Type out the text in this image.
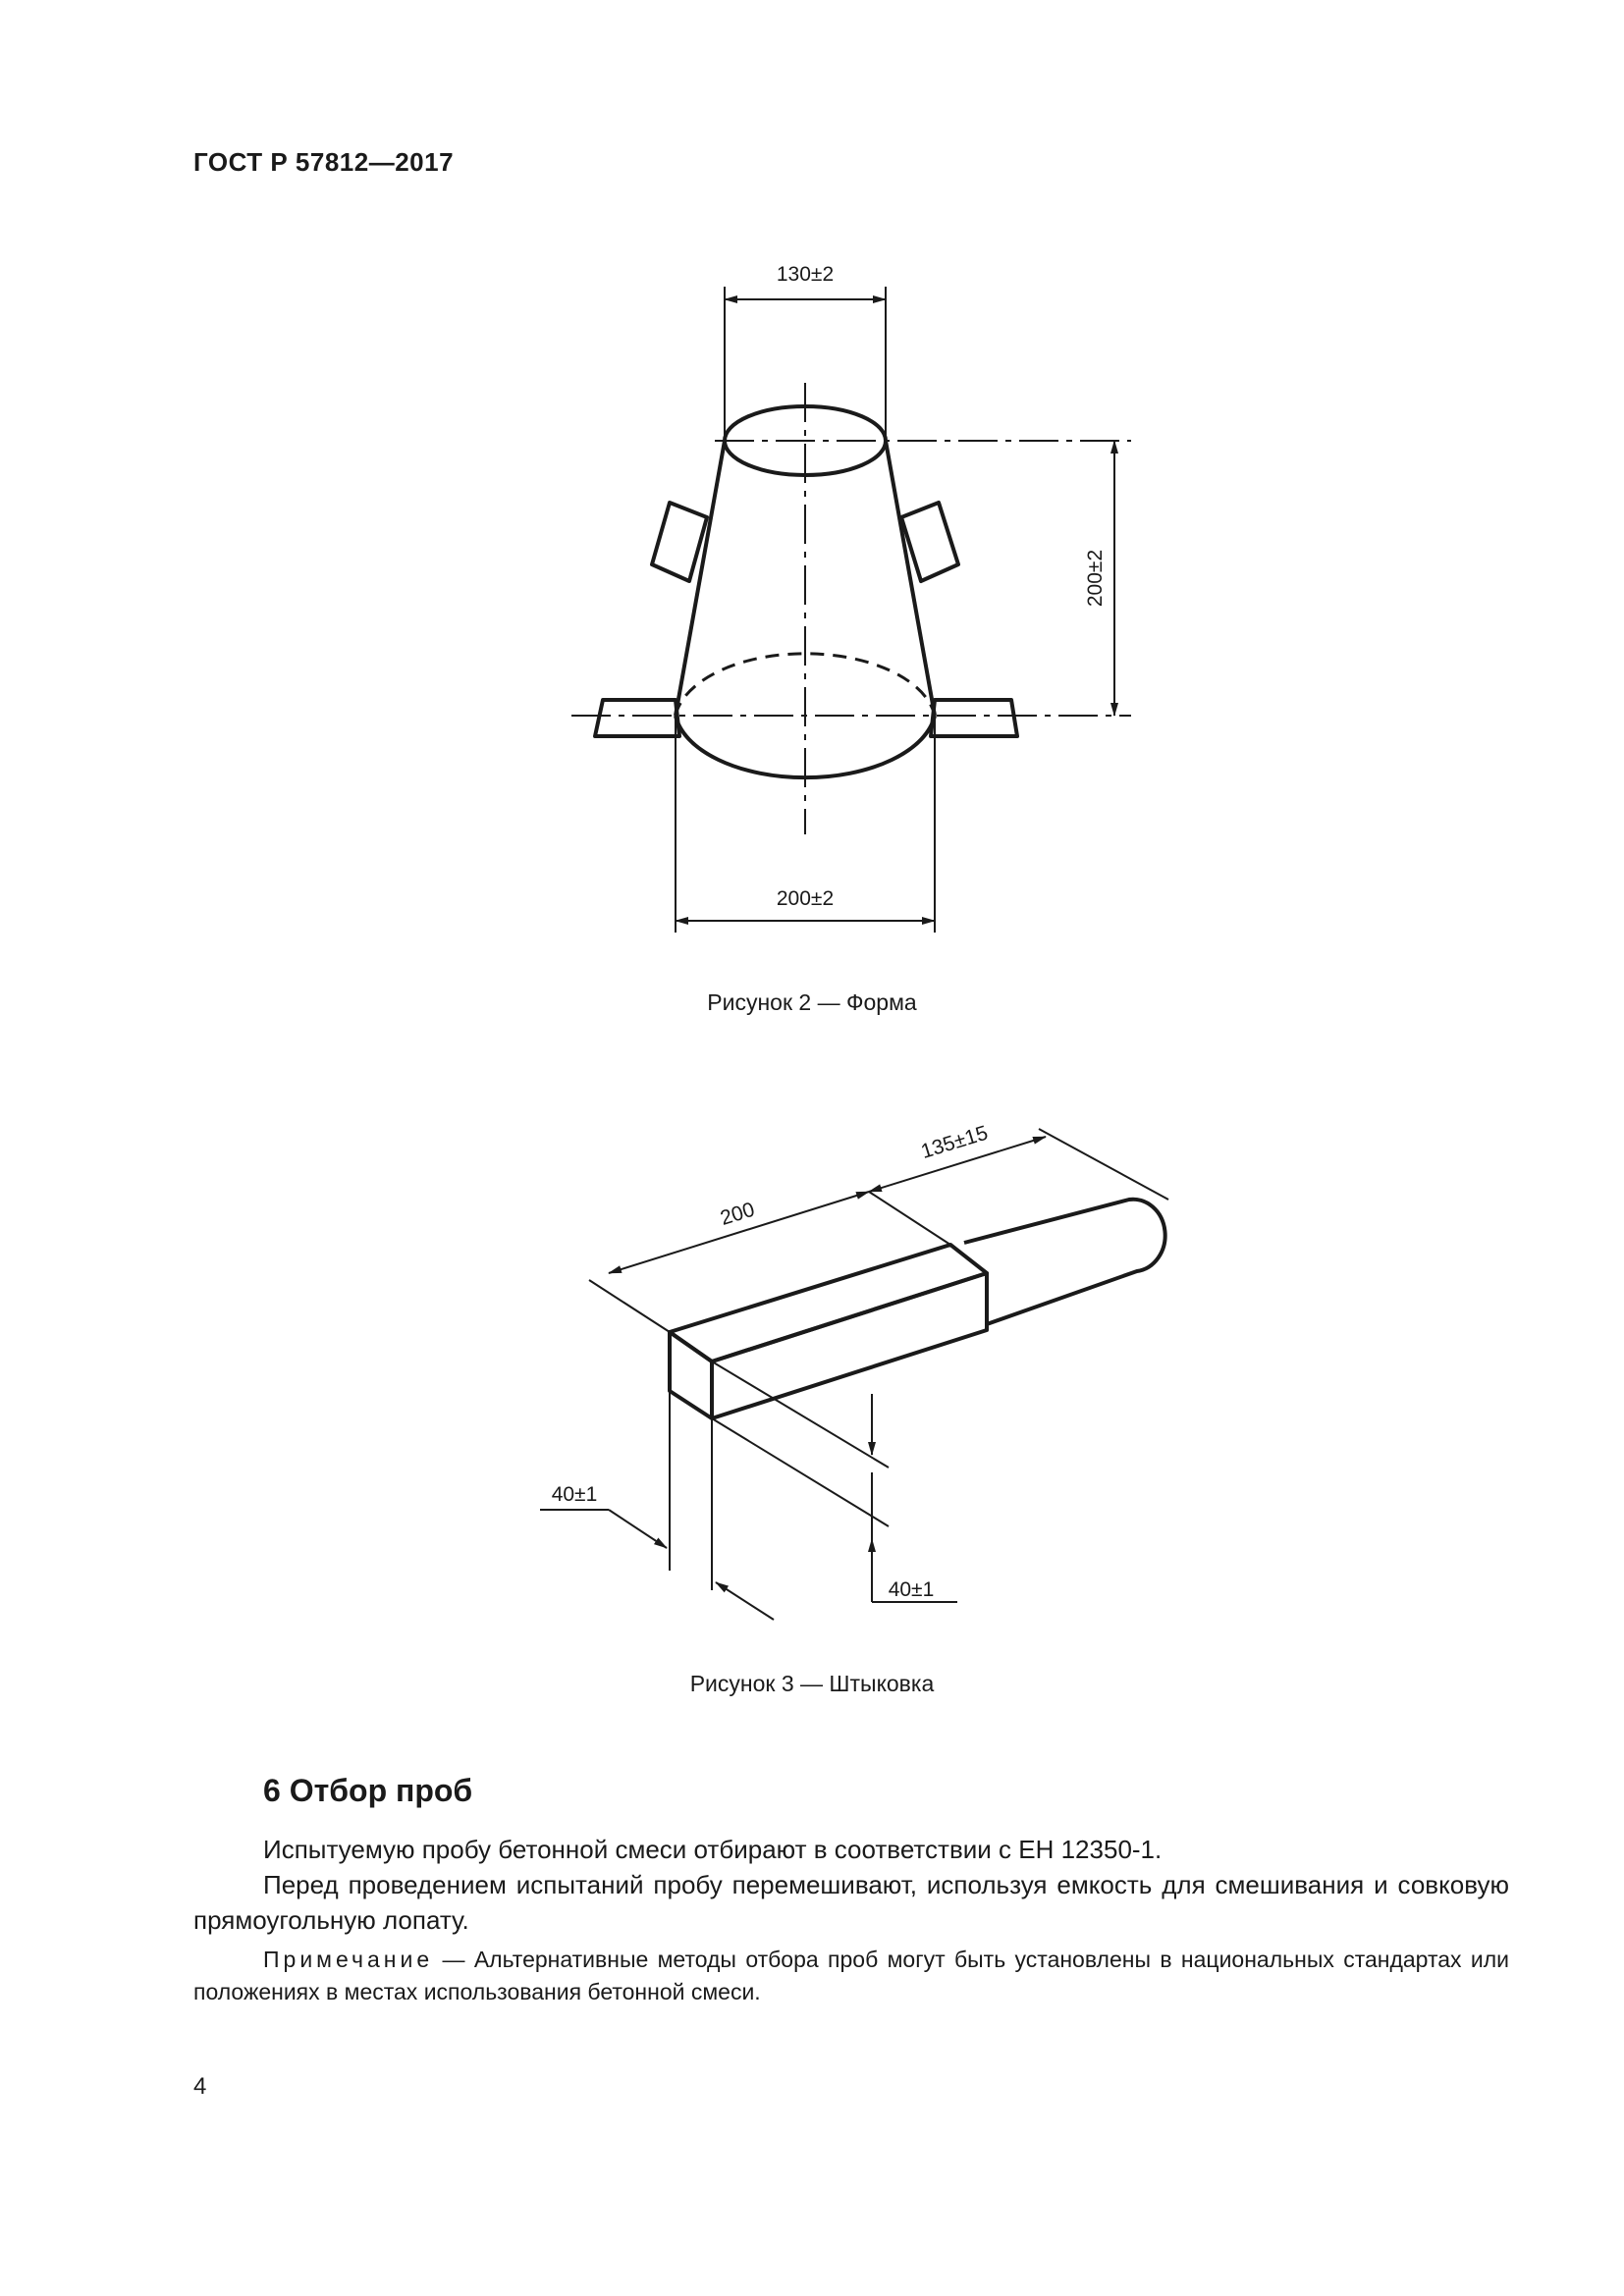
ГОСТ Р 57812—2017
130±2
200±2
200±2
200
135±15
40±1
40±1
Рисунок 2 — Форма
Рисунок 3 — Штыковка
6 Отбор проб

Испытуемую пробу бетонной смеси отбирают в соответствии с ЕН 12350-1.

Перед проведением испытаний пробу перемешивают, используя емкость для смешивания и совковую прямоугольную лопату.

Примечание — Альтернативные методы отбора проб могут быть установлены в национальных стандартах или положениях в местах использования бетонной смеси.
4
